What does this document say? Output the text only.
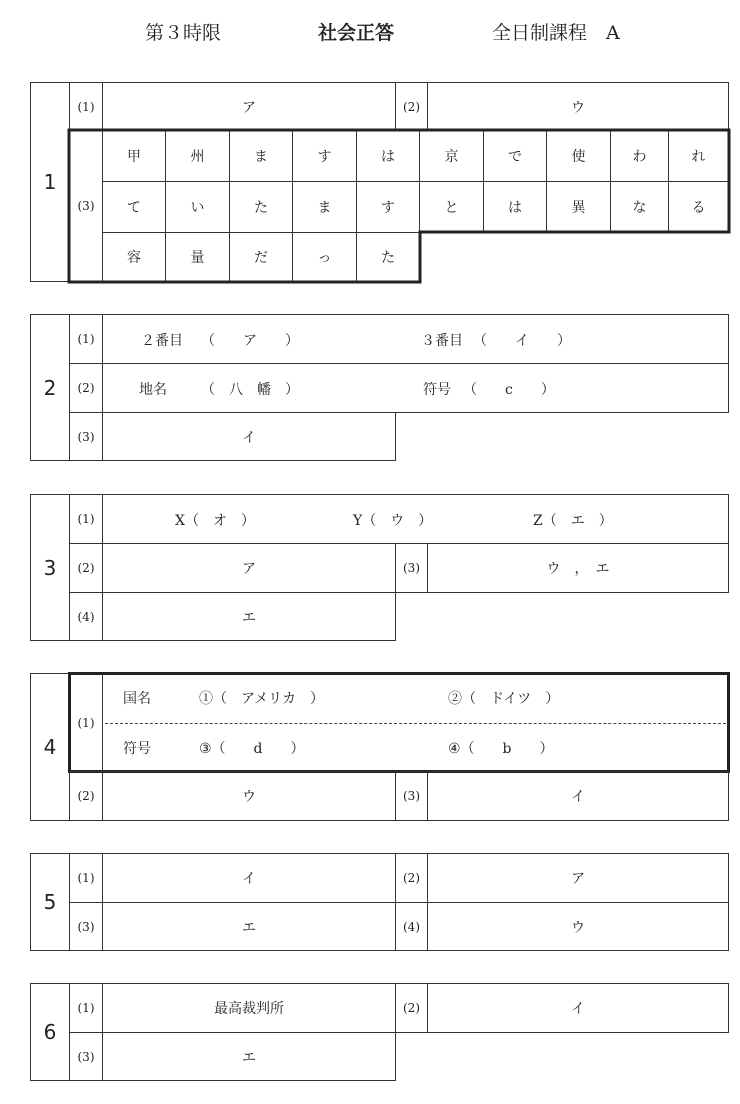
第３時限	社会正答	全日制課程　A
1
(1)	ア	(2)	ウ
(3)
甲	州	ま	す	は	京	で	使	わ	れ
て	い	た	ま	す	と	は	異	な	る
容	量	だ	っ	た
2
(1)	２番目 （　　ア　　）	３番目 （　　イ　　）
(2)	地名 （　八　幡　）	符号 （　　c　　）
(3)	イ
3
(1)	X（　オ　）	Y（　ウ　）	Z（　エ　）
(2)	ア	(3)	ウ　，　エ
(4)	エ
4
(1)
国名	①（　アメリカ　）	②（　ドイツ　）
符号	③（　　d　　）	④（　　b　　）
(2)	ウ	(3)	イ
5
(1)	イ	(2)	ア
(3)	エ	(4)	ウ
6
(1)	最高裁判所	(2)	イ
(3)	エ
